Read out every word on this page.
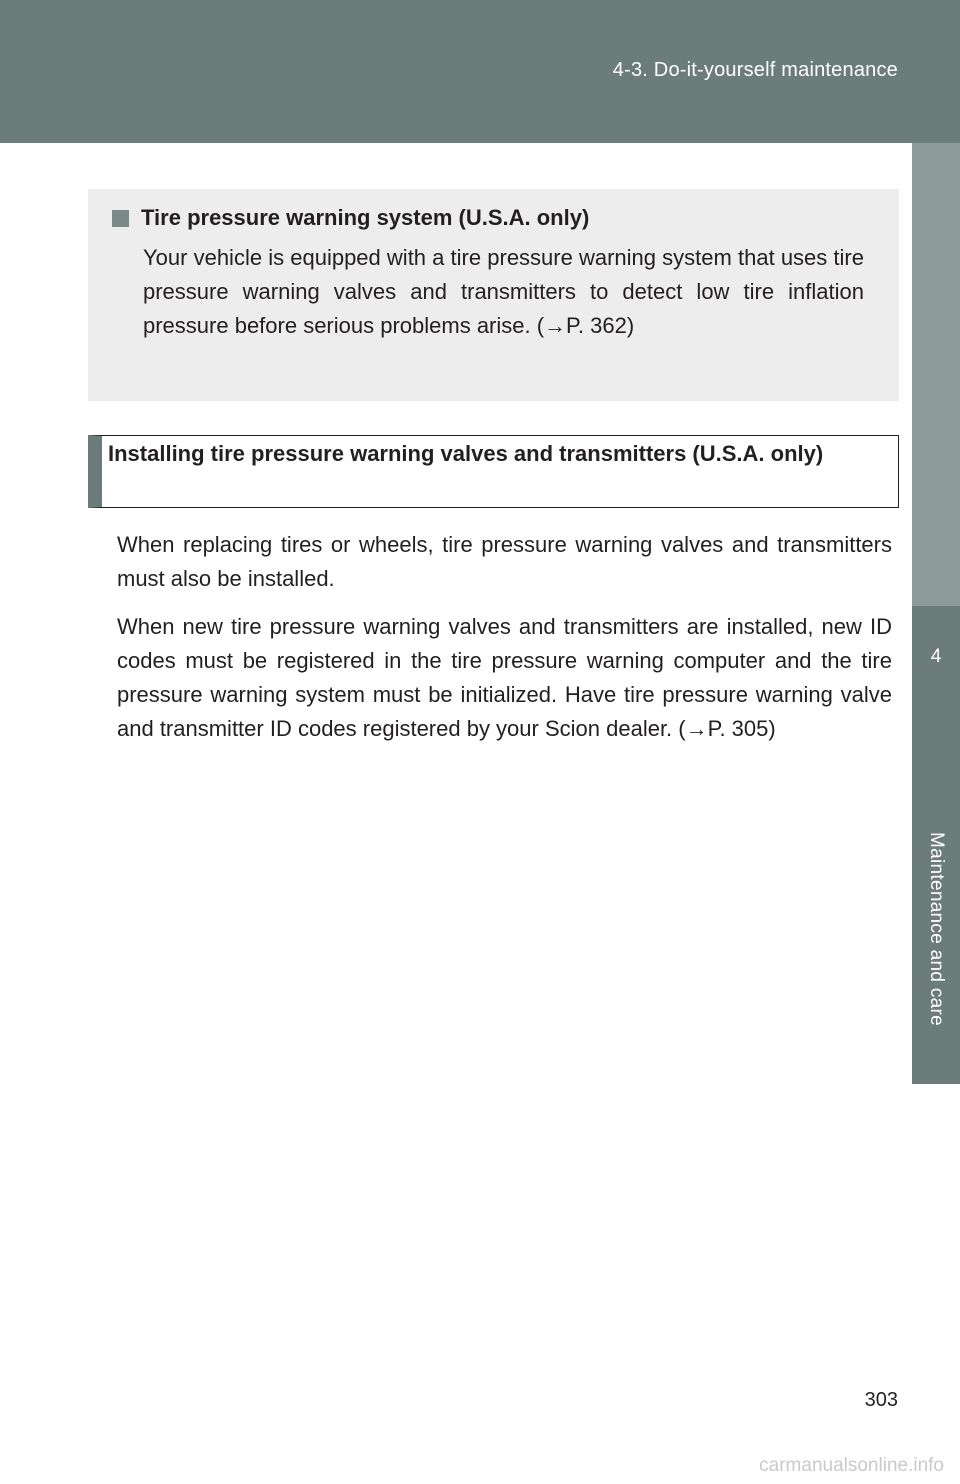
4-3. Do-it-yourself maintenance
4
Maintenance and care
Tire pressure warning system (U.S.A. only)
Your vehicle is equipped with a tire pressure warning system that uses tire pressure warning valves and transmitters to detect low tire inflation pressure before serious problems arise. (→P. 362)
Installing tire pressure warning valves and transmitters (U.S.A. only)
When replacing tires or wheels, tire pressure warning valves and transmitters must also be installed.
When new tire pressure warning valves and transmitters are installed, new ID codes must be registered in the tire pressure warning computer and the tire pressure warning system must be initialized. Have tire pressure warning valve and transmitter ID codes registered by your Scion dealer. (→P. 305)
303
carmanualsonline.info
